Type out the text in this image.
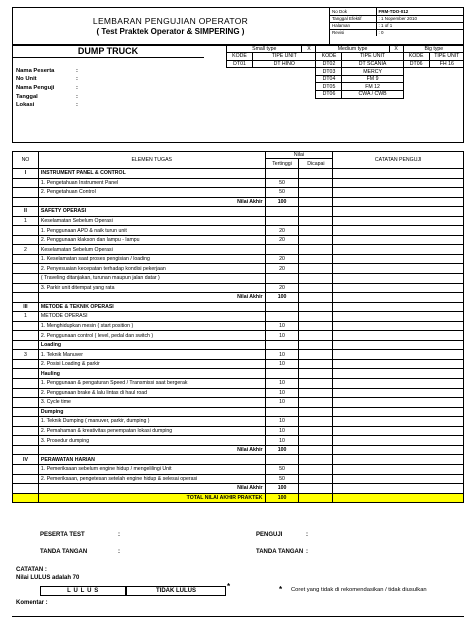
LEMBARAN PENGUJIAN OPERATOR
( Test Praktek Operator & SIMPERING )
No Dok	FRM-TDO-012
Tanggal Efektif	: 1 Nopember 2010
Halaman	: 1 of 1
Revisi	: 0
DUMP TRUCK	Small type		X	Medium type		X	Big type	
KODE	TIPE UNIT		KODE	TIPE UNIT		KODE	TIPE UNIT
DT01	DT HINO		DT02	DT SCANIA		DT06	FH 16
			DT03	MERCY			
			DT04	FM 9			
			DT05	FM 12			
			DT06	CWA / CWB			
Nama Peserta	:
No Unit	:
Nama Penguji	:
Tanggal	:
Lokasi	:
NO	ELEMEN TUGAS	Nilai		CATATAN PENGUJI
		Tertinggi	Dicapai	
I	INSTRUMENT PANEL & CONTROL			
	1. Pengetahuan Instrument Panel	50		
	2. Pengetahuan Control	50		
	Nilai Akhir	100		
II	SAFETY OPERASI			
1	Keselamatan Sebelum Operasi			
	1. Penggunaan APD & naik turun unit	20		
	2. Penggunaan klakson dan lampu - lampu	20		
2	Keselamatan Sebelum Operasi			
	1. Keselamatan saat proses pengisian / loading	20		
	2. Penyesuaian kecepatan terhadap kondisi pekerjaan	20		
	( Traveling ditanjakan, turunan maupun jalan datar )			
	3. Parkir unit ditempat yang rata	20		
	Nilai Akhir	100		
III	METODE & TEKNIK OPERASI			
1	METODE OPERASI			
	1. Menghidupkan mesin ( start position )	10		
	2. Penggunaan control ( level, pedal dan switch )	10		
	Loading			
3	1. Teknik Manuver	10		
	2. Posisi Loading & parkir	10		
	Hauling			
	1. Penggunaan & pengaturan Speed / Transmissi saat bergerak	10		
	2. Penggunaan brake & lalu lintas di haul road	10		
	3. Cycle time	10		
	Dumping			
	1. Teknik Dumping ( manuver, parkir, dumping )	10		
	2. Pemahaman & kreativitas penempatan lokasi dumping	10		
	3. Prosedur dumping	10		
	Nilai Akhir	100		
IV	PERAWATAN HARIAN			
	1. Pemeriksaan sebelum engine hidup / mengelilingi Unit	50		
	2. Pemeriksaan, pengetesan setelah engine hidup & selesai operasi	50		
	Nilai Akhir	100		
	TOTAL NILAI AKHIR PRAKTEK	100		
PESERTA TEST	:	PENGUJI	:
TANDA TANGAN	:	TANDA TANGAN :
CATATAN :
Nilai LULUS adalah 70
L U L U S	TIDAK LULUS	*	* Coret yang tidak di rekomendasikan / tidak diusulkan
Komentar :
